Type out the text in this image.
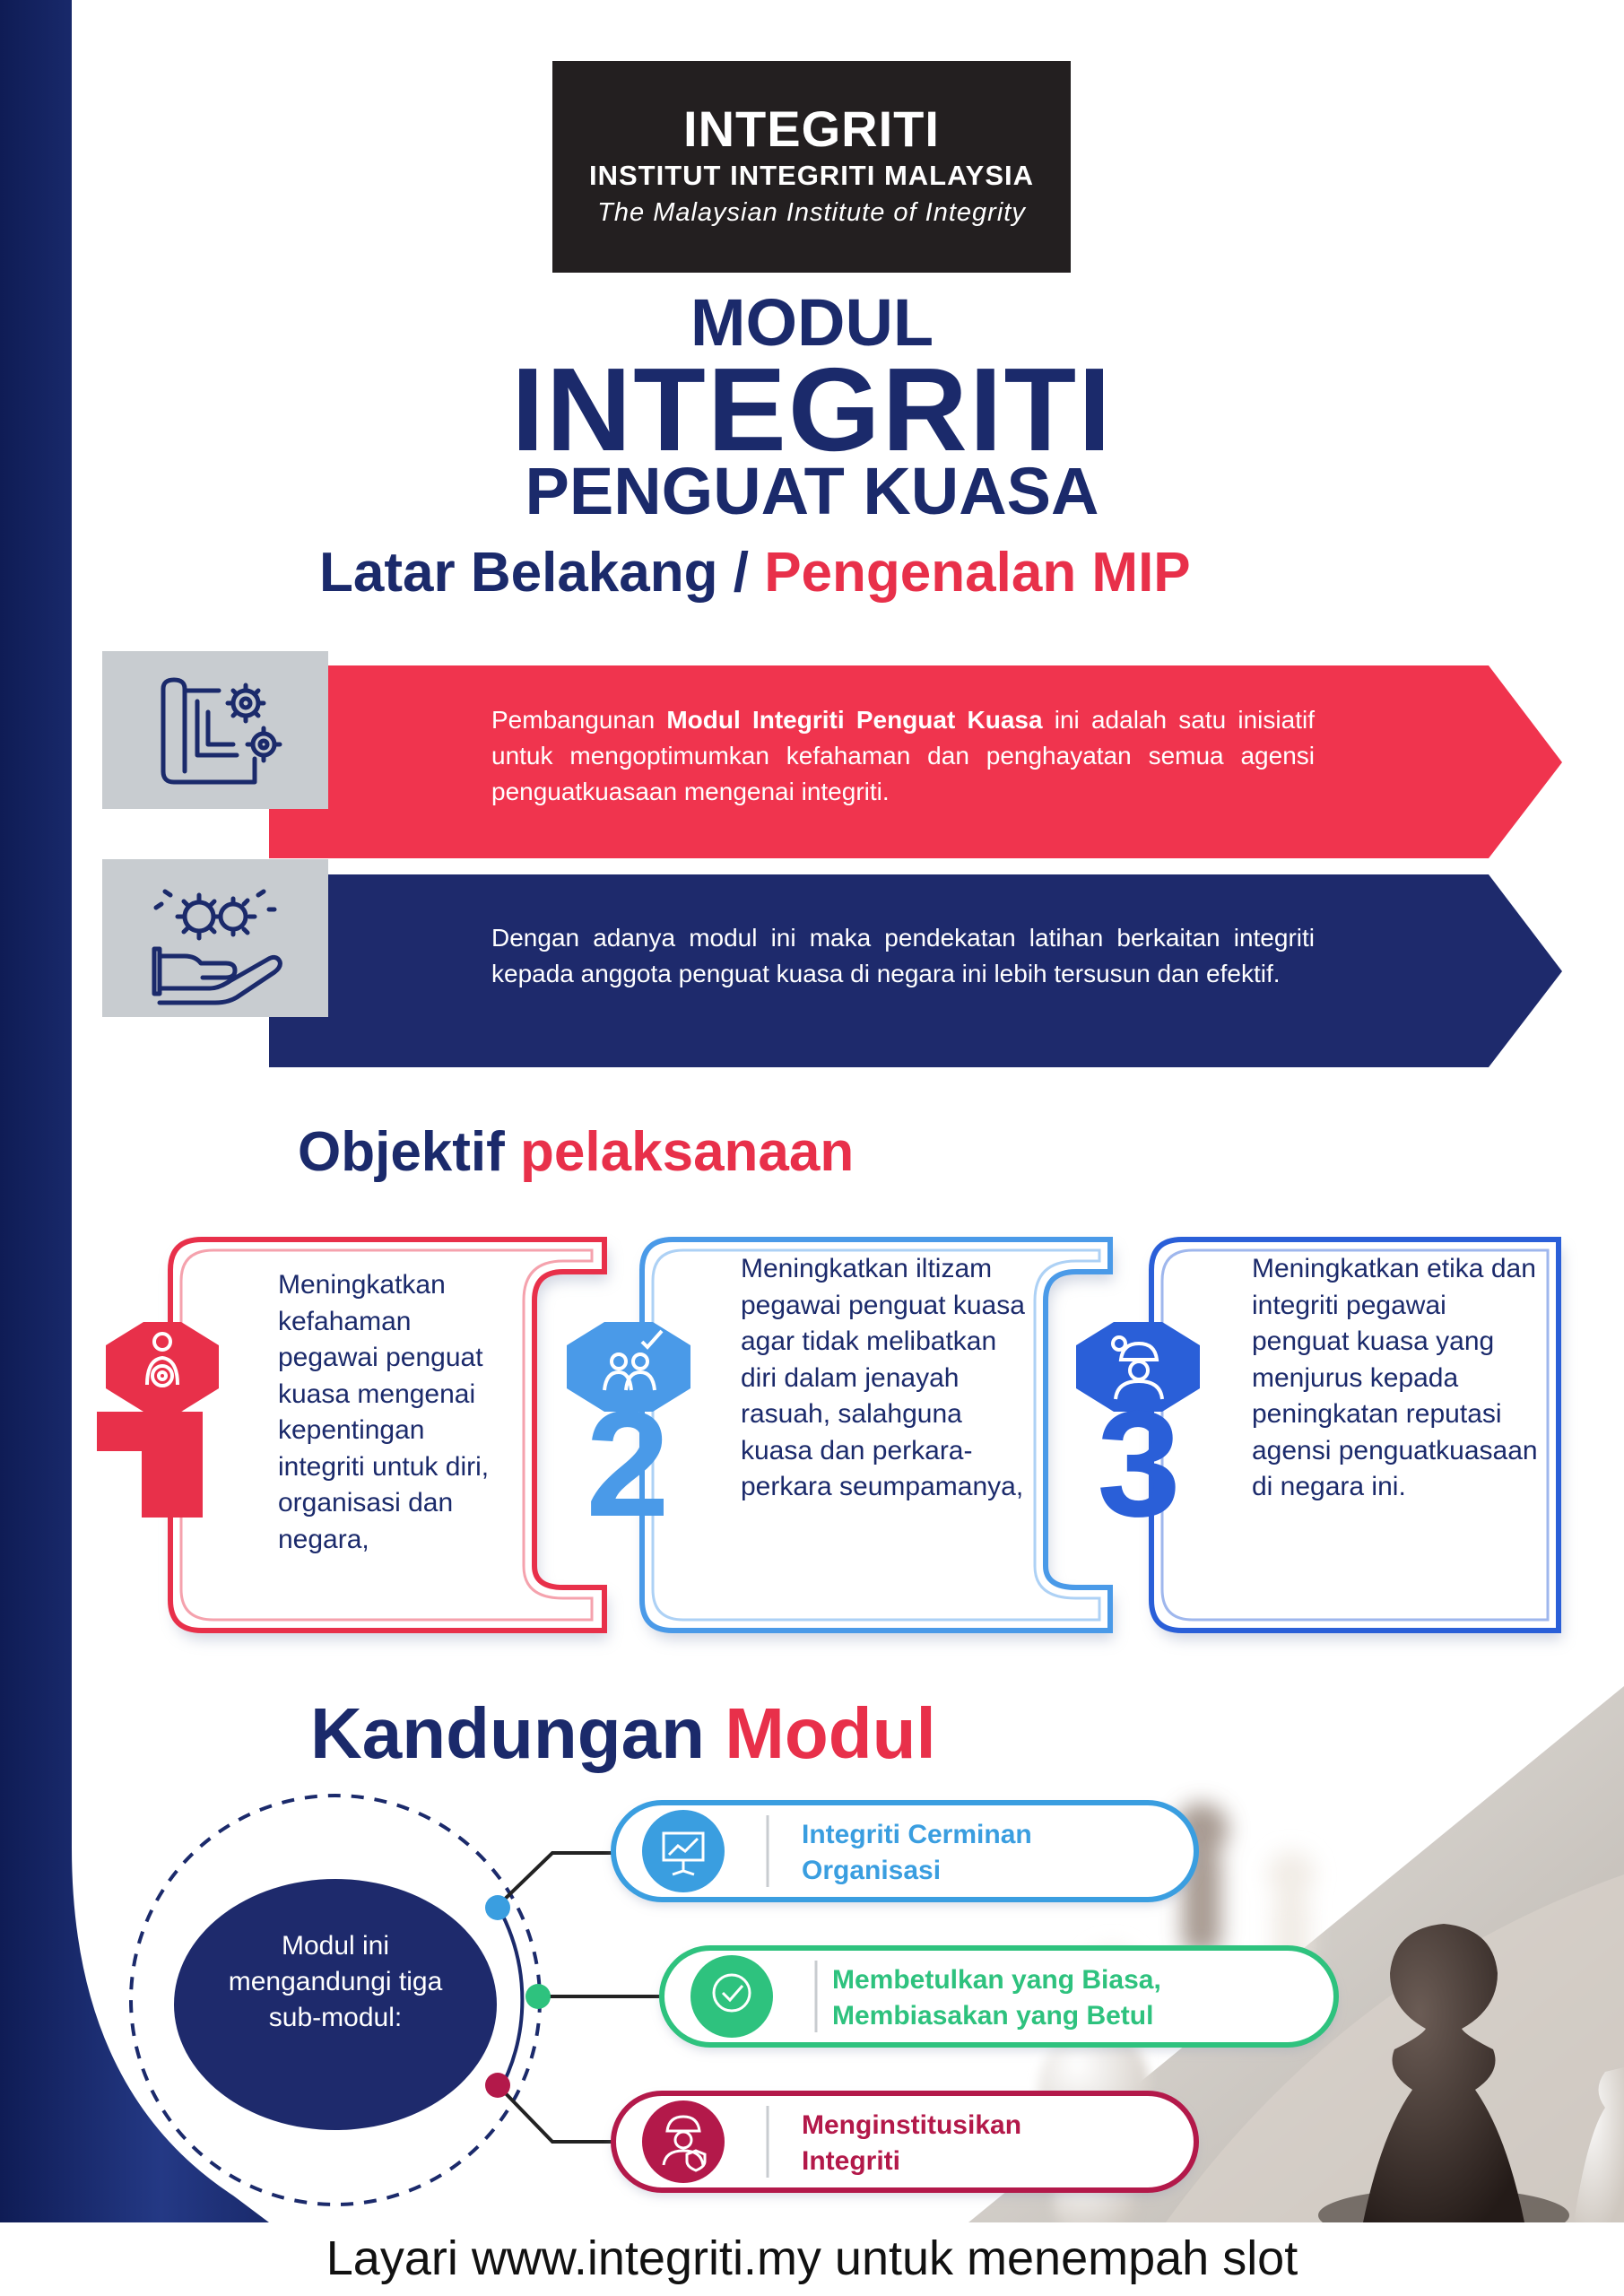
INTEGRITI
INSTITUT INTEGRITI MALAYSIA
The Malaysian Institute of Integrity
MODUL
INTEGRITI
PENGUAT KUASA
Latar Belakang / Pengenalan MIP
Pembangunan Modul Integriti Penguat Kuasa ini adalah satu inisiatif untuk mengoptimumkan kefahaman dan penghayatan semua agensi penguatkuasaan mengenai integriti.
Dengan adanya modul ini maka pendekatan latihan berkaitan integriti kepada anggota penguat kuasa di negara ini lebih tersusun dan efektif.
Objektif pelaksanaan
2	3
Meningkatkan kefahaman pegawai penguat kuasa mengenai kepentingan integriti untuk diri, organisasi dan negara,
Meningkatkan iltizam pegawai penguat kuasa agar tidak melibatkan diri dalam jenayah rasuah, salahguna kuasa dan perkara-perkara seumpamanya,
Meningkatkan etika dan integriti pegawai penguat kuasa yang menjurus kepada peningkatan reputasi agensi penguatkuasaan di negara ini.
Kandungan Modul
Modul ini mengandungi tiga sub-modul:
Integriti Cerminan
Organisasi
Membetulkan yang Biasa,
Membiasakan yang Betul
Menginstitusikan
Integriti
Layari www.integriti.my untuk menempah slot
